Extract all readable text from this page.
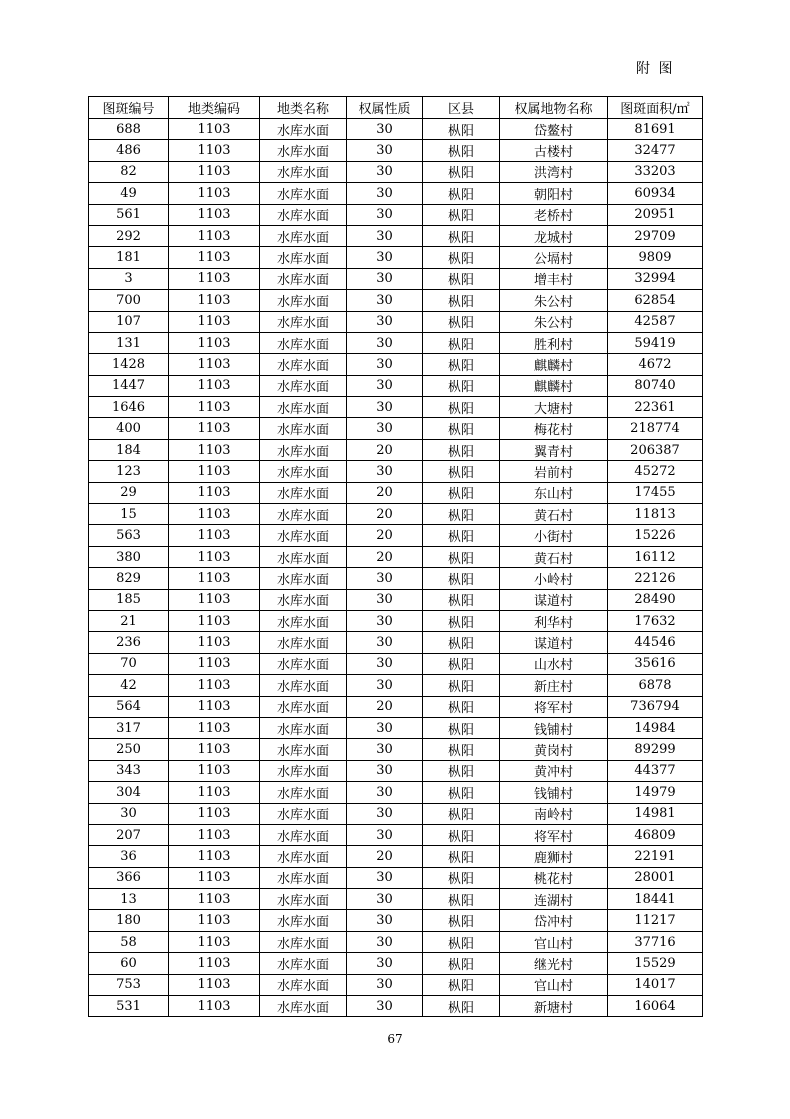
附 图
图斑编号	地类编码	地类名称	权属性质	区县	权属地物名称	图斑面积/㎡
688	1103	水库水面	30	枞阳	岱鳌村	81691
486	1103	水库水面	30	枞阳	古楼村	32477
82	1103	水库水面	30	枞阳	洪湾村	33203
49	1103	水库水面	30	枞阳	朝阳村	60934
561	1103	水库水面	30	枞阳	老桥村	20951
292	1103	水库水面	30	枞阳	龙城村	29709
181	1103	水库水面	30	枞阳	公塥村	9809
3	1103	水库水面	30	枞阳	增丰村	32994
700	1103	水库水面	30	枞阳	朱公村	62854
107	1103	水库水面	30	枞阳	朱公村	42587
131	1103	水库水面	30	枞阳	胜利村	59419
1428	1103	水库水面	30	枞阳	麒麟村	4672
1447	1103	水库水面	30	枞阳	麒麟村	80740
1646	1103	水库水面	30	枞阳	大塘村	22361
400	1103	水库水面	30	枞阳	梅花村	218774
184	1103	水库水面	20	枞阳	翼青村	206387
123	1103	水库水面	30	枞阳	岩前村	45272
29	1103	水库水面	20	枞阳	东山村	17455
15	1103	水库水面	20	枞阳	黄石村	11813
563	1103	水库水面	20	枞阳	小街村	15226
380	1103	水库水面	20	枞阳	黄石村	16112
829	1103	水库水面	30	枞阳	小岭村	22126
185	1103	水库水面	30	枞阳	谋道村	28490
21	1103	水库水面	30	枞阳	利华村	17632
236	1103	水库水面	30	枞阳	谋道村	44546
70	1103	水库水面	30	枞阳	山水村	35616
42	1103	水库水面	30	枞阳	新庄村	6878
564	1103	水库水面	20	枞阳	将军村	736794
317	1103	水库水面	30	枞阳	钱铺村	14984
250	1103	水库水面	30	枞阳	黄岗村	89299
343	1103	水库水面	30	枞阳	黄冲村	44377
304	1103	水库水面	30	枞阳	钱铺村	14979
30	1103	水库水面	30	枞阳	南岭村	14981
207	1103	水库水面	30	枞阳	将军村	46809
36	1103	水库水面	20	枞阳	鹿狮村	22191
366	1103	水库水面	30	枞阳	桃花村	28001
13	1103	水库水面	30	枞阳	连湖村	18441
180	1103	水库水面	30	枞阳	岱冲村	11217
58	1103	水库水面	30	枞阳	官山村	37716
60	1103	水库水面	30	枞阳	继光村	15529
753	1103	水库水面	30	枞阳	官山村	14017
531	1103	水库水面	30	枞阳	新塘村	16064
67
